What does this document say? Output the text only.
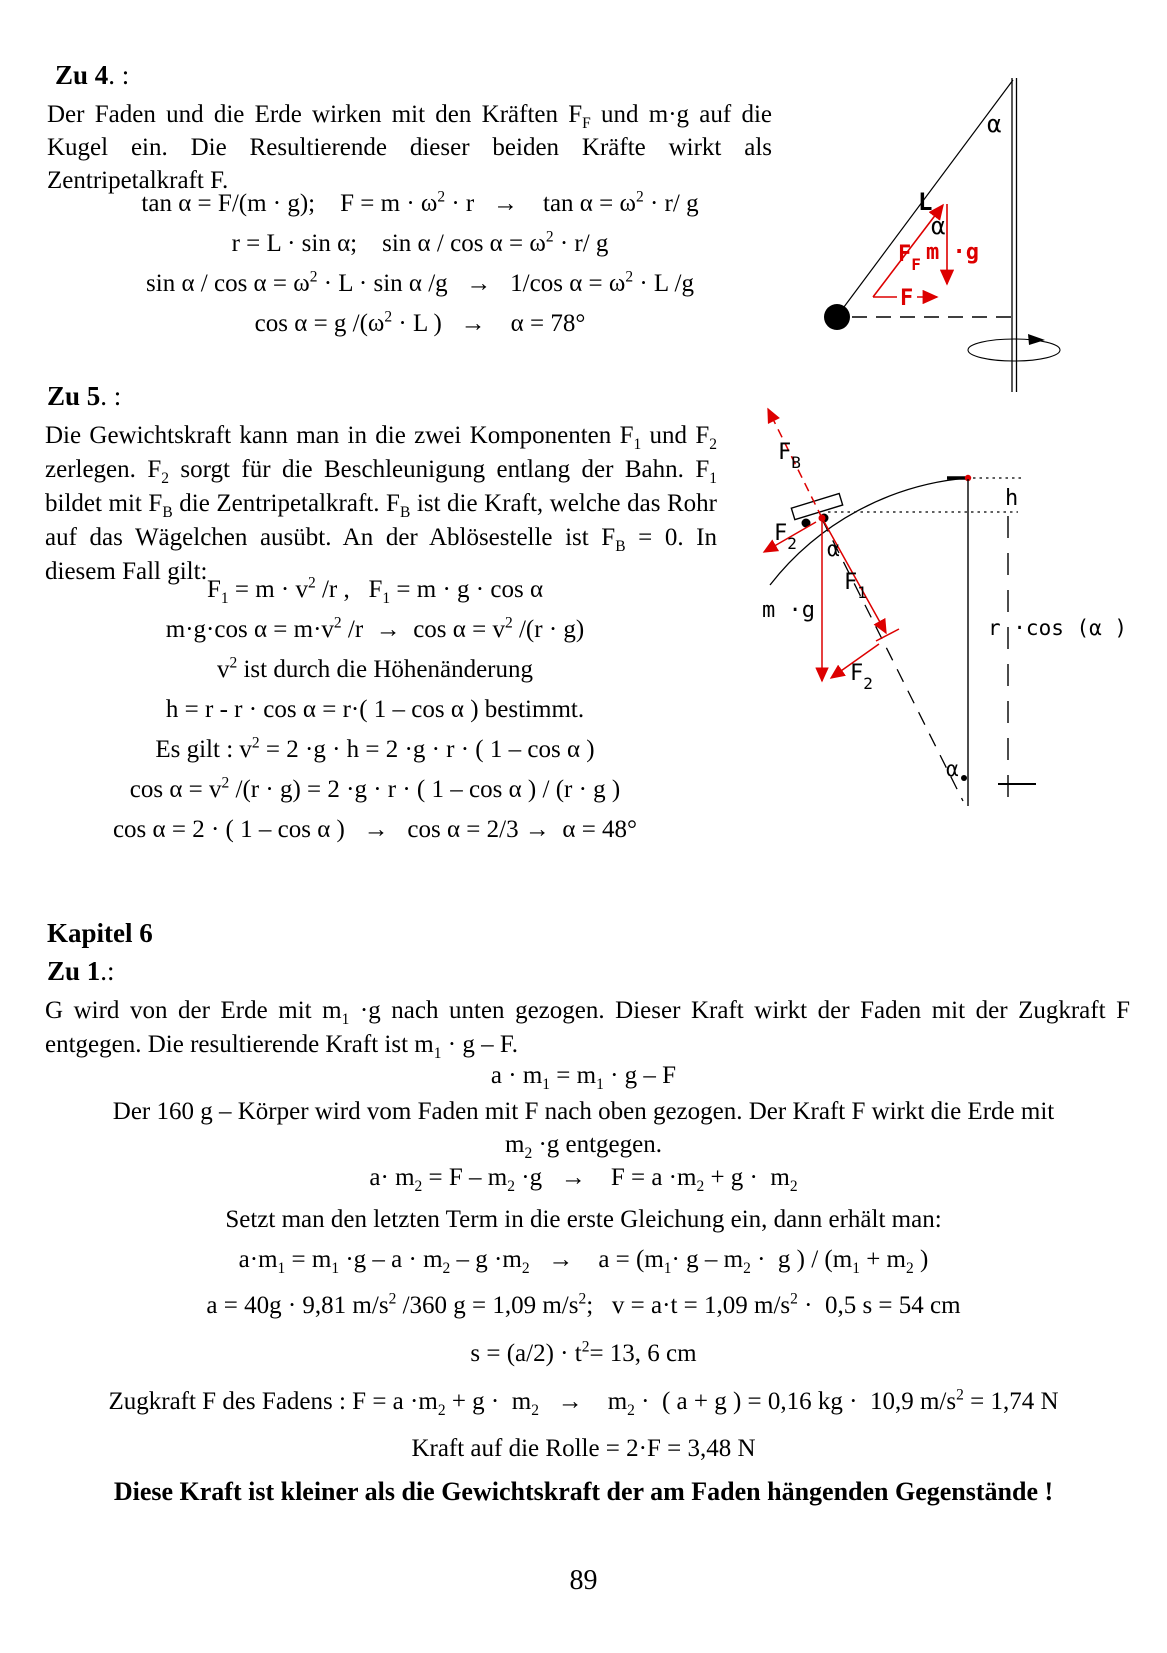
Zu 4. :
Der Faden und die Erde wirken mit den Kräften $F_F$ und m·g auf die Kugel ein. Die Resultierende dieser beiden Kräfte wirkt als Zentripetalkraft F.
tan α = F/(m · g);    $F = m \cdot \omega^2 \cdot r$   →    $\tan \alpha = \omega^2 \cdot r/$ g
r = L · sin α;    $\sin \alpha / \cos \alpha = \omega^2 \cdot r/$ g
$\sin \alpha / \cos \alpha = \omega^2 \cdot L \cdot \sin \alpha$ /g   →   1/cos $\alpha = \omega^2 \cdot L$ /g
cos α = g $/(\omega^2 \cdot L$ )   →    α = 78°
α
L
α
$F_F$ m ·g
F
Zu 5. :
Die Gewichtskraft kann man in die zwei Komponenten $F_1$ und $F_2$ zerlegen. $F_2$ sorgt für die Beschleunigung entlang der Bahn. $F_1$ bildet mit $F_B$ die Zentripetalkraft. $F_B$ ist die Kraft, welche das Rohr auf das Wägelchen ausübt. An der Ablösestelle ist $F_B = 0$. In diesem Fall gilt:
$F_1 = m \cdot v^2$ /r ,   $F_1 = m \cdot g \cdot \cos \alpha$
m·g·cos $\alpha = m\cdot v^2$ $/r \to \cos \alpha = v^2$ /(r · g)
$v^2$ ist durch die Höhenänderung
h = r - r · cos α = r·( 1 – cos α ) bestimmt.
Es gilt : $v^2 = 2 \cdot g \cdot h = 2 \cdot g \cdot r$ · ( 1 – cos α )
$\cos \alpha = v^2$ /(r · g) = 2 ·g · r · ( 1 – cos α ) / (r · g )
cos α = 2 · ( 1 – cos α )   →   cos α = 2/3 →  α = 48°
$F_B$
$F_2$ α
$F_1$
m ·g
$F_2$
h
r ·cos (α )
α
Kapitel 6
Zu 1.:
G wird von der Erde mit $m_1 \cdot g$ nach unten gezogen. Dieser Kraft wirkt der Faden mit der Zugkraft F entgegen. Die resultierende Kraft ist $m_1 \cdot g - F$.
$a \cdot m_1 = m_1 \cdot g - F$
Der 160 g – Körper wird vom Faden mit F nach oben gezogen. Der Kraft F wirkt die Erde mit
$m_2 \cdot g$ entgegen.
$a\cdot m_2 = F - m_2 \cdot g$   →    $F = a \cdot m_2 + g \cdot m_2$
Setzt man den letzten Term in die erste Gleichung ein, dann erhält man:
$a\cdot m_1 = m_1 \cdot g - a \cdot m_2 - g \cdot m_2$   →    $a = (m_1\cdot g - m_2 \cdot g$ ) / ($m_1 + m_2$ )
a = 40g · 9,81 $m/s^2$ /360 g = 1,09 $m/s^2$;   v = a·t = 1,09 $m/s^2 \cdot 0,5$ s = 54 cm
$s = (a/2) \cdot t^2= 13$, 6 cm
Zugkraft F des Fadens : $F = a \cdot m_2 + g \cdot m_2$   →    $m_2$ ·  ( a + g ) = 0,16 kg ·  10,9 $m/s^2 = 1,74$ N
Kraft auf die Rolle = 2·F = 3,48 N
Diese Kraft ist kleiner als die Gewichtskraft der am Faden hängenden Gegenstände !
89
